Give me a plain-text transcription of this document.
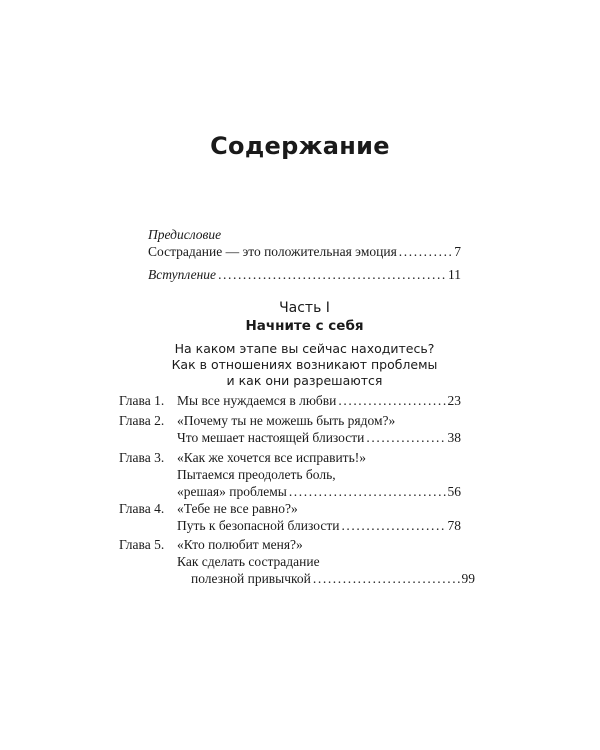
Содержание
Предисловие
Сострадание — это положительная эмоция .....	7
Вступление .....	11
Часть I
Начните с себя
На каком этапе вы сейчас находитесь?
Как в отношениях возникают проблемы
и как они разрешаются
Глава 1. Мы все нуждаемся в любви .....	23
Глава 2. «Почему ты не можешь быть рядом?»
Что мешает настоящей близости .....	38
Глава 3. «Как же хочется все исправить!»
Пытаемся преодолеть боль,
«решая» проблемы .....	56
Глава 4. «Тебе не все равно?»
Путь к безопасной близости .....	78
Глава 5. «Кто полюбит меня?»
Как сделать сострадание
полезной привычкой .....	99
